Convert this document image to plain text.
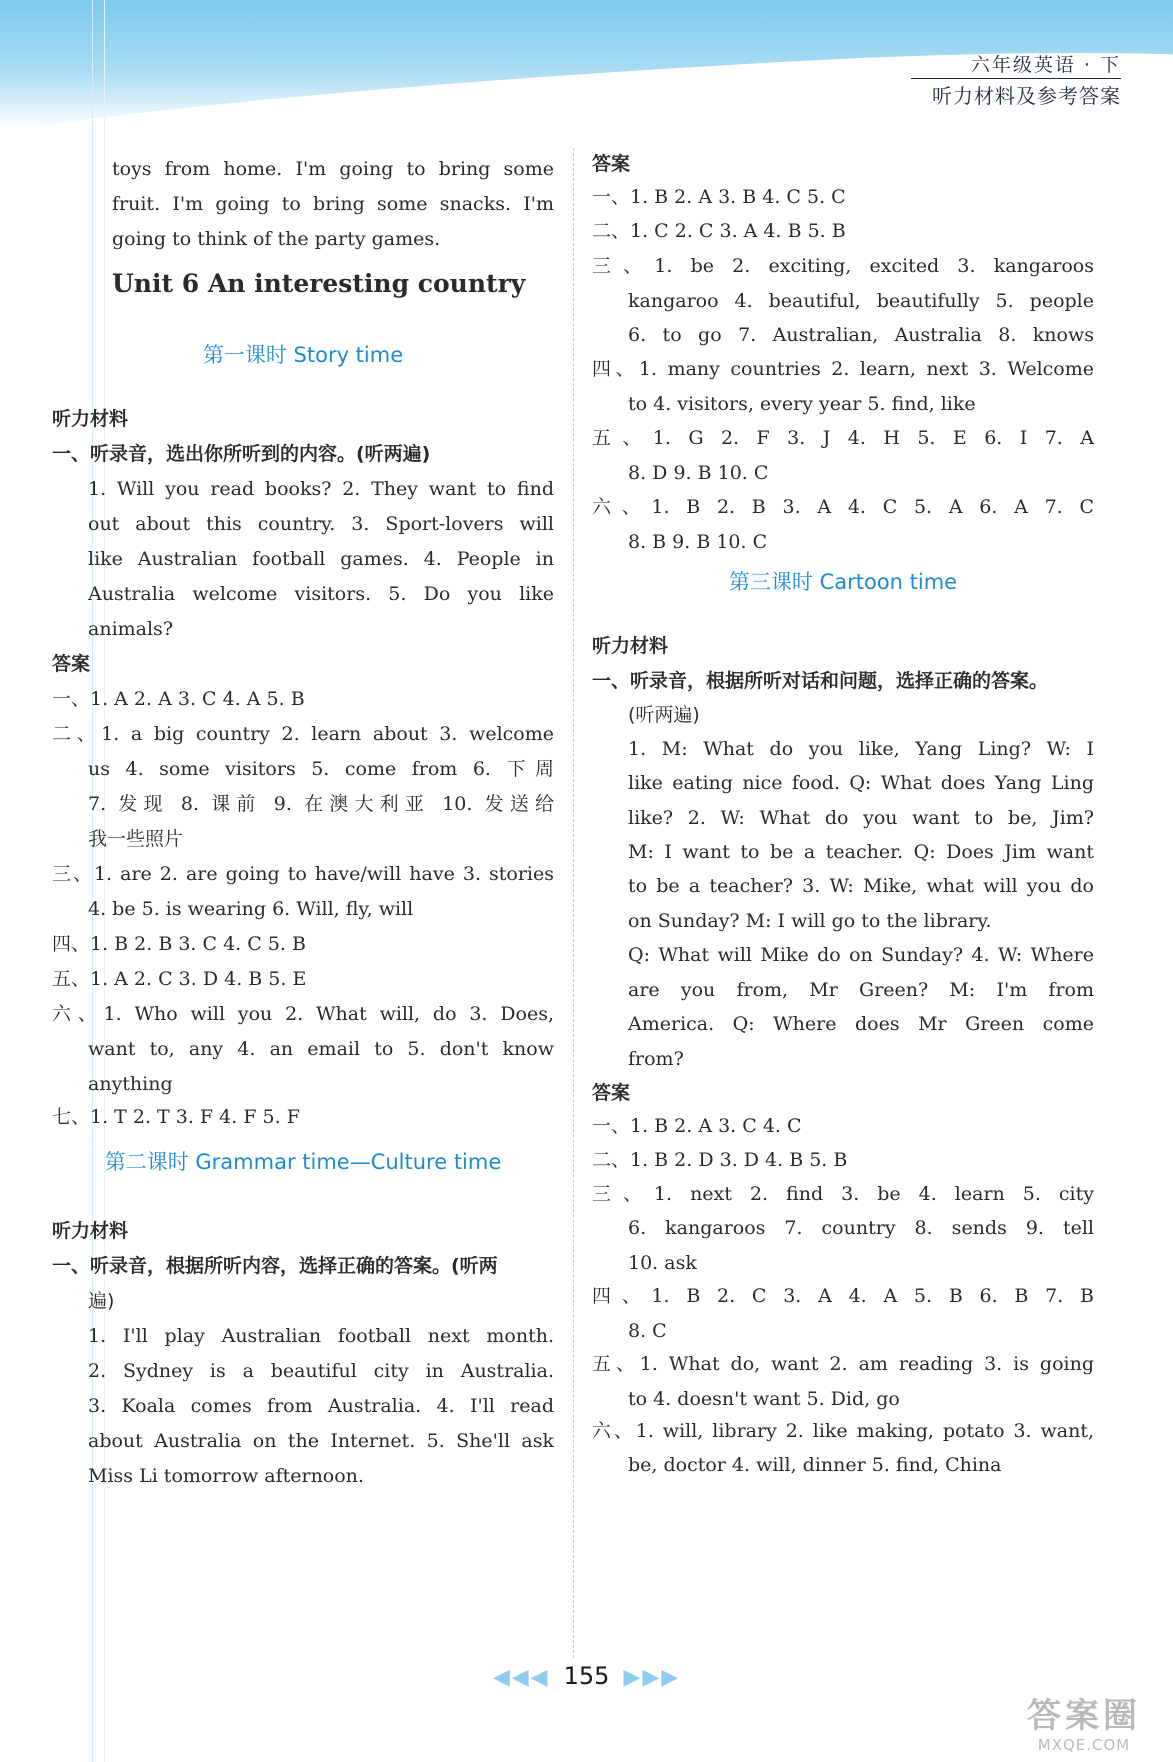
六年级英语 · 下
听力材料及参考答案
toys from home. I'm going to bring some
fruit. I'm going to bring some snacks. I'm
going to think of the party games.
Unit 6 An interesting country
第一课时 Story time
听力材料
一、听录音，选出你所听到的内容。(听两遍)
1. Will you read books? 2. They want to find
out about this country. 3. Sport-lovers will
like Australian football games. 4. People in
Australia welcome visitors. 5. Do you like
animals?
答案
一、1. A 2. A 3. C 4. A 5. B
二、1. a big country 2. learn about 3. welcome
us 4. some visitors 5. come from 6. 下周
7. 发现 8. 课前 9. 在澳大利亚 10. 发送给
我一些照片
三、1. are 2. are going to have/will have 3. stories
4. be 5. is wearing 6. Will, fly, will
四、1. B 2. B 3. C 4. C 5. B
五、1. A 2. C 3. D 4. B 5. E
六、1. Who will you 2. What will, do 3. Does,
want to, any 4. an email to 5. don't know
anything
七、1. T 2. T 3. F 4. F 5. F
第二课时 Grammar time—Culture time
听力材料
一、听录音，根据所听内容，选择正确的答案。(听两
遍)
1. I'll play Australian football next month.
2. Sydney is a beautiful city in Australia.
3. Koala comes from Australia. 4. I'll read
about Australia on the Internet. 5. She'll ask
Miss Li tomorrow afternoon.
答案
一、1. B 2. A 3. B 4. C 5. C
二、1. C 2. C 3. A 4. B 5. B
三、1. be 2. exciting, excited 3. kangaroos
kangaroo 4. beautiful, beautifully 5. people
6. to go 7. Australian, Australia 8. knows
四、1. many countries 2. learn, next 3. Welcome
to 4. visitors, every year 5. find, like
五、1. G 2. F 3. J 4. H 5. E 6. I 7. A
8. D 9. B 10. C
六、1. B 2. B 3. A 4. C 5. A 6. A 7. C
8. B 9. B 10. C
第三课时 Cartoon time
听力材料
一、听录音，根据所听对话和问题，选择正确的答案。
(听两遍)
1. M: What do you like, Yang Ling? W: I
like eating nice food. Q: What does Yang Ling
like? 2. W: What do you want to be, Jim?
M: I want to be a teacher. Q: Does Jim want
to be a teacher? 3. W: Mike, what will you do
on Sunday? M: I will go to the library.
Q: What will Mike do on Sunday? 4. W: Where
are you from, Mr Green? M: I'm from
America. Q: Where does Mr Green come
from?
答案
一、1. B 2. A 3. C 4. C
二、1. B 2. D 3. D 4. B 5. B
三、1. next 2. find 3. be 4. learn 5. city
6. kangaroos 7. country 8. sends 9. tell
10. ask
四、1. B 2. C 3. A 4. A 5. B 6. B 7. B
8. C
五、1. What do, want 2. am reading 3. is going
to 4. doesn't want 5. Did, go
六、1. will, library 2. like making, potato 3. want,
be, doctor 4. will, dinner 5. find, China
◀◀◀ 155 ▶▶▶
答案圈
MXQE.COM
